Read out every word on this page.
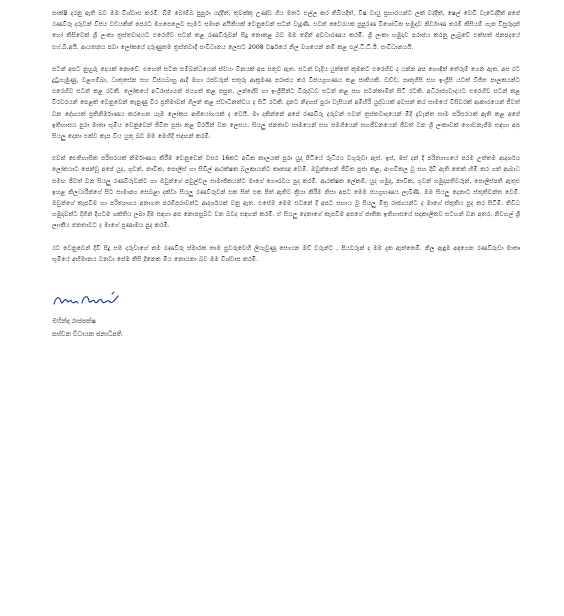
සාක්ෂි දරනු ඇති බව මම විශ්වාස කරමි. බිම් බෝම්බ පුපුරා යද්දීත්, තුවක්කු උණ්ඩ ගිය මතට එල්ල කර තිබියදීත්, විෂ වායු ප්‍රහාරයන්ට ලක් වද්දීත්, ෂෙල් වෙඩි වැටෙද්දීත් අපේ රණවිරු දරුවන් විජය වඩයකින් පෙරට මගපෙලෙව සැමට සමාන අයිතියක් වෙනුවෙන් සටන් වැදුණි. එවන් වෛරයක පුපුරණ විශෝධිත භමුදාව නිර්වාණ තරම් කිසියම් ගැන විසුරුදාන් හෝ කිසිවෙක් ශ්‍රී ලංකා ත්‍රස්තවාදයට එරෙහිව සටන් කළ රණවිරුවන් සිදු නොකළ බව මම තදින් අවධාරණය කරමි. ශ්‍රී ලංකා හමුදාව පරාජය කරනු ලැබුවේ එක්සත් ජනපදයේ එෆ්.බී.අයි. ආයතනය පවා ලෝකයේ දරුණුතම ත්‍රස්තවාදී සංවිධානය ලෙසට 2008 වර්ෂයේ නිල වශයෙන් නම් කළ එල්.ටී.ටී.ඊ. සංවිධානයයි.

සටන් අපට නුහුරු දෙයක් නොවේ. එහෙත් සටන සම්බන්ධයෙන් ස්වයං විනයක් අප සතුව ඇත. සටන් වැදිය යුත්තේ කුමකට එරෙහිව ද යන්න අප හොඳින් තේරුම් ගෙන ඇත. අප රට දුටුගැමුණු, වළගම්බා, ධාතුසේන සහ විජයබාහු ආදී මහා රජවරුන් සතුරු ආක්‍රමණ පරාජය කර විජයග්‍රහණය කළ ජාතියකි. ඩච්ච, පෘතුගීසි සහ ඉංග්‍රීසි යටත් විජිත පාලකයන්ට එරෙහිව සටන් කළ රටකි. ලෝකයේ අධිරාජ්‍යයන් ජයගත් කළ පසුත, ලන්දේසි හා ඉංග්‍රීසීන්ට විරුද්ධව සටන් කළ සහ සටන්කාමීන් සිටි රටකි. අධිරාජ්‍යවාදයට එරෙහිව සටන් කළ වීරවරයන් පෙළක් වෙනුවෙන් කැපුණු වීර ප්‍රතිමාවන් ගිලන් කළ ස්වාධීනත්වය ද සිටි රටකි. දැනට නිදහස් පුරා වැසියන් අමිහිරි යුද්ධයක් අවසන් කර සාමයේ විසිවරක් ආකාරයෙන් ජීවත් වන දේශයක් ප්‍රතිනිර්මාණය කරගෙන යෑම ලෝකය අභියෝගයක් ද වෙයි. මා දකින්නේ අපේ රණවිරු දරුවන් එවන් ත්‍රස්තවාදයෙන් මිදී දැවැන්ත සාම පරිසරයක් ඇති කළ අපේ ඉතිහාසය පුරා මාතෘ භූමිය වෙනුවෙන් ජීවිත පූජා කළ වීරයින් වන ලෙසය. සියලු ජනතාව සාමයෙන් සහ සමගියෙන් සහජීවනයෙන් ජීවත් වන ශ්‍රී ලංකාවක් ගොඩනැගීම සඳහා අප සියලු දෙනා එක්ව කැප විය යුතු බව මම මෙහිදී සඳහන් කරමි.

එවන් ඓතිහාසික පරිසරයක් නිර්මාණය කිරීම වෙනුවෙන් වසර 16කට අධික කාලයක් පුරා යුද පිටියේ රුධිරය වගුරුවා ඇස්, ඉස්, මස් දන් දී පරිත්‍යාගයේ පරම උත්තම ආදර්ශය ලෝකයාට පෙන්වූ අපේ යුද, ගුවන්, නාවික, පොලිස් හා සිවිල් ආරක්ෂක බලකායන්ට කෘතඥ වෙමි. ඔවුන්ගෙන් ජීවිත පූජා කළ, අංගවිකල වූ සහ දිවි ඇති තෙක් හිමි කර ගත් ආබාධ සමඟ ජීවත් වන සියලු රණවිරුවන්ට හා ඔවුන්ගේ පවුල්වල සාමාජිකයන්ට මාගේ ගෞරවය පුද කරමි. ආරක්ෂක ලේකම්, යුද හමුදා, නාවික, ගුවන් හමුදාපතිවරුන්, පොලිස්පති ඇතුළු ඉහළ නිලධාරීන්ගේ සිට සාමාන්‍ය සෙබළා දක්වා සියලු රණවිරුවන් එක සිත් එක පිත් ඇතිව ක්‍රියා කිරීම නිසා අපට මෙම ජයග්‍රහණය ලැබිණි. මම සියලු දෙනාට ස්තූතිවන්ත වෙමි. ඔවුන්ගේ කැපවීම හා පරිත්‍යාගය අනාගත පරම්පරාවන්ට ආදර්ශයක් වනු ඇත. එසේම මෙම සටනේ දී අපට සහාය වූ සියලු මිත්‍ර රාජ්‍යයන්ට ද මාගේ ස්තූතිය පුද කර සිටිමි. තිවිධ හමුදාවන්ට දිගින් දිගටම ශක්තිය ලබා දීම සඳහා අප නොපසුබට වන බවද සඳහන් කරමි. ඒ සියලු දෙනාගේ කැපවීම අපගේ ජාතික ඉතිහාසයේ සදාකාලිකව සටහන් වන අතර, නිවහල් ශ්‍රී ලාංකීය ජනතාවට ද මාගේ ප්‍රණාමය පුද කරමි.

රට වෙනුවෙන් දිවි පිදූ සම දරුවාගේ නම රණවිරු ස්මාරක තාම පුවරුවෙහි ලියැවුණු සොයන මව් වරුන්ට , පියවරුන් ද මම දැක ඇත්තෙමි. නිල ඇඳුම අඳගෙන රණවිරුවා මාතෘ භූමියේ අභිමානය වනවා සේම කිසි දිනෙක මිය නොයනා බව මම විශ්වාස කරමි.

මහින්ද රාජපක්ෂ
පස්වන විධායක ජනාධිපති
